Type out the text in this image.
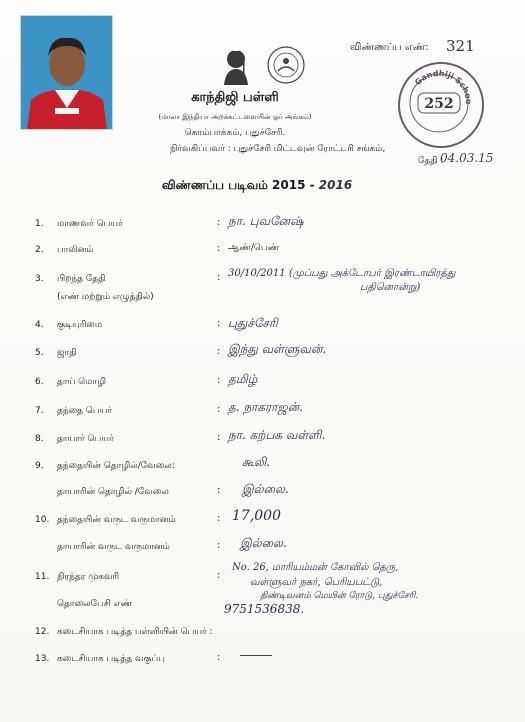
விண்ணப்ப எண்: 321
Gandhiji Schoo
252
காந்திஜி பள்ளி
(மாலா இந்தியா அறக்கட்டளையின் ஓர் அங்கம்)
கொம்பாக்கம், புதுச்சேரி.
நிர்வகிப்பவர் : புதுச்சேரி மிட்டவுன் ரோட்டரி சங்கம்,
தேதி :
04.03.15
விண்ணப்ப படிவம் 2015 - 2016
1. மாணவர் பெயர்	: நா. புவனேஷ்
2. பாலினம்	: ஆண்/பெண்
3. பிறந்த தேதி
(எண் மற்றும் எழுத்தில்)
: 30/10/2011 (முப்பது அக்டோபர் இரண்டாயிரத்து
பதினொன்று)
4. குடியுரிமை	: புதுச்சேரி
5. ஜாதி	: இந்து வள்ளுவன்.
6. தாய் மொழி	: தமிழ்
7. தந்தை பெயர்	: த. நாகராஜன்.
8. தாயார் பெயர்	: நா. கற்பக வள்ளி.
9. தந்தையின் தொழில்/வேலை:	கூலி.
தாயாரின் தொழில் /வேலை	: இல்லை.
10. தந்தையின் வருட வருமானம்	: 17,000
தாயாரின் வருட வருமானம்	: இல்லை.
11. நிரந்தர முகவரி	:
No. 26, மாரியம்மன் கோவில் தெரு,
வள்ளுவர் நகர், பெரியபட்டு,
திண்டிவனம் மெயின் ரோடு, புதுச்சேரி.
தொலைபேசி எண்	9751536838.
12. கடைசியாக படித்த பள்ளியின் பெயர் :
13. கடைசியாக படித்த வகுப்பு	:
